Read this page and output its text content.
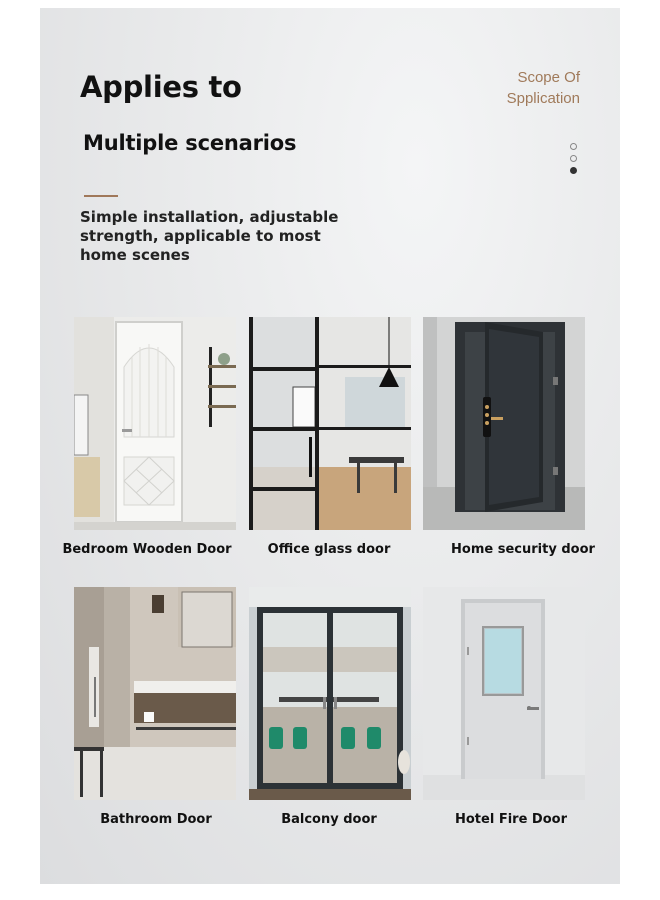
Applies to
Multiple scenarios
Scope Of
Spplication
Simple installation, adjustable strength, applicable to most home scenes
Bedroom Wooden Door	Office glass door	Home security door
Bathroom Door	Balcony door	Hotel Fire Door
